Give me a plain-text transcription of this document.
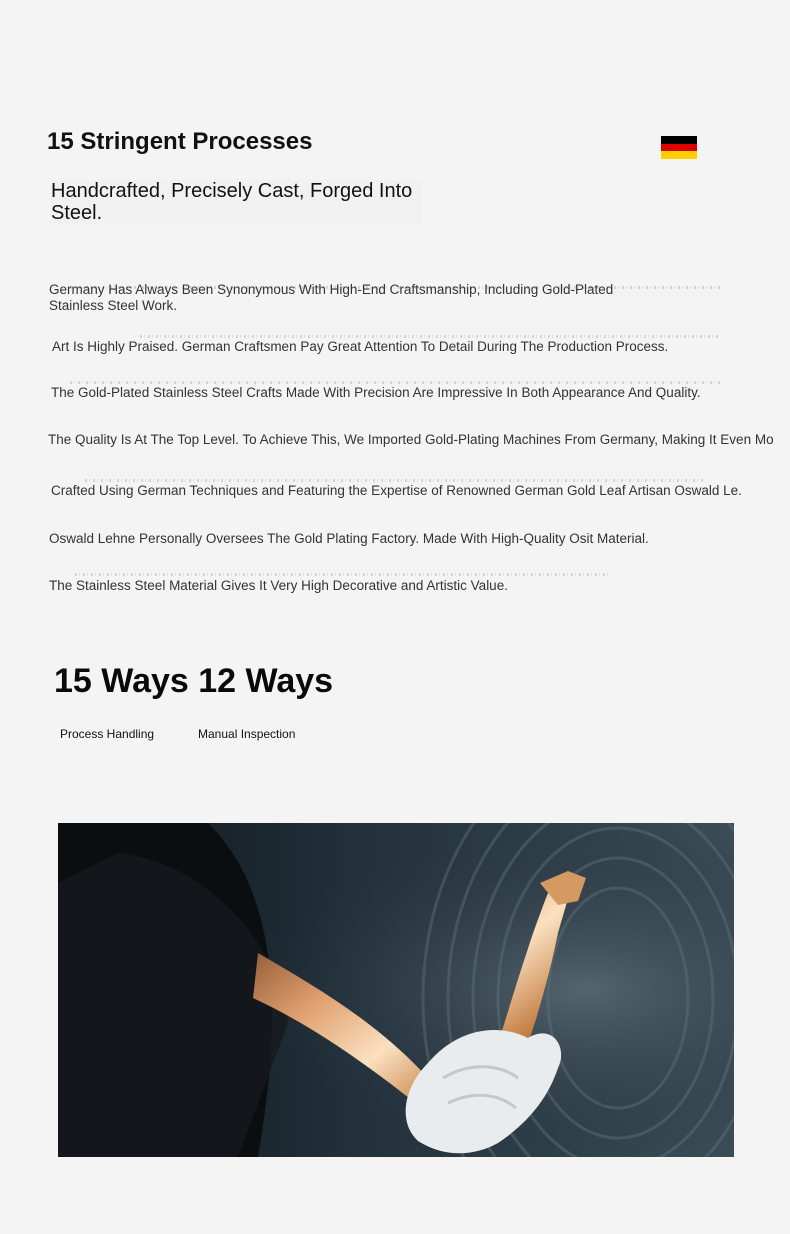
15 Stringent Processes
Handcrafted, Precisely Cast, Forged Into Steel.
Germany Has Always Been Synonymous With High-End Craftsmanship, Including Gold-Plated Stainless Steel Work.
Art Is Highly Praised. German Craftsmen Pay Great Attention To Detail During The Production Process.
The Gold-Plated Stainless Steel Crafts Made With Precision Are Impressive In Both Appearance And Quality.
The Quality Is At The Top Level. To Achieve This, We Imported Gold-Plating Machines From Germany, Making It Even Mo
Crafted Using German Techniques and Featuring the Expertise of Renowned German Gold Leaf Artisan Oswald Le.
Oswald Lehne Personally Oversees The Gold Plating Factory. Made With High-Quality Osit Material.
The Stainless Steel Material Gives It Very High Decorative and Artistic Value.
15 Ways 12 Ways
Process Handling	Manual Inspection
